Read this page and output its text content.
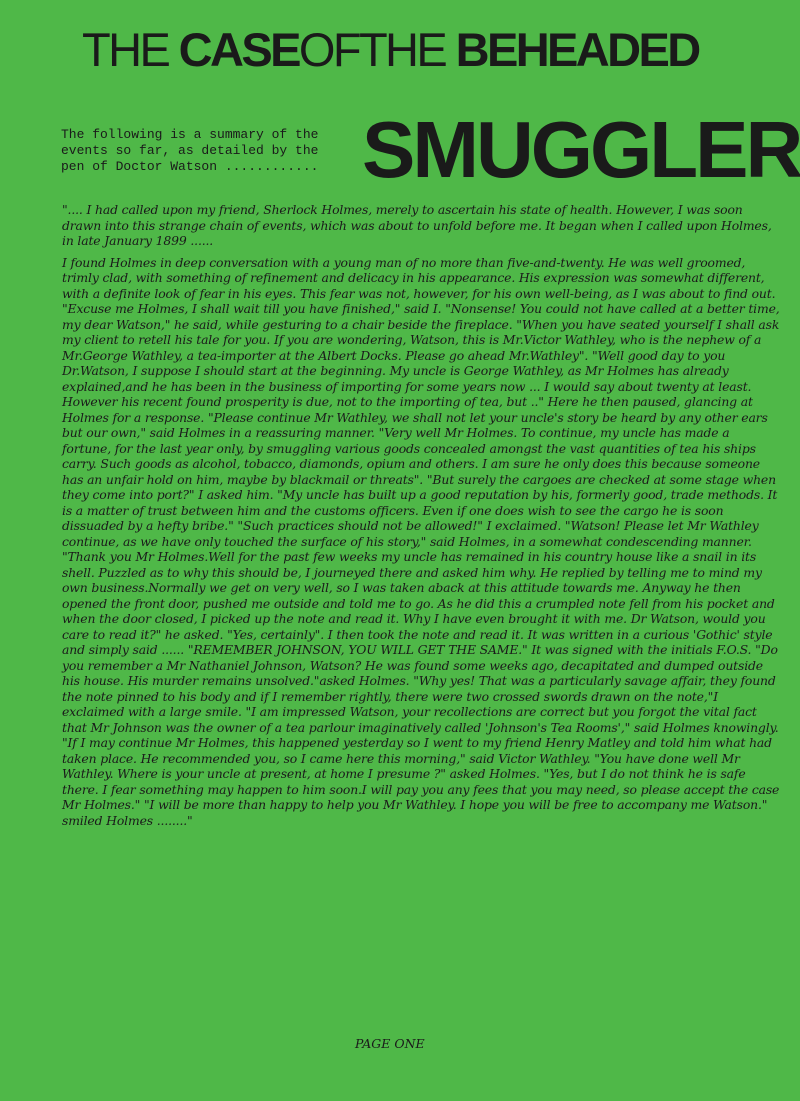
THE CASEOFTHE BEHEADED
The following is a summary of the events so far, as detailed by the pen of Doctor Watson ............ SMUGGLER

".... I had called upon my friend, Sherlock Holmes, merely to ascertain his state of health. However, I was soon drawn into this strange chain of events, which was about to unfold before me. It began when I called upon Holmes, in late January 1899 ......

I found Holmes in deep conversation with a young man of no more than five-and-twenty. He was well groomed, trimly clad, with something of refinement and delicacy in his appearance. His expression was somewhat different, with a definite look of fear in his eyes. This fear was not, however, for his own well-being, as I was about to find out. "Excuse me Holmes, I shall wait till you have finished," said I. "Nonsense! You could not have called at a better time, my dear Watson," he said, while gesturing to a chair beside the fireplace. "When you have seated yourself I shall ask my client to retell his tale for you. If you are wondering, Watson, this is Mr.Victor Wathley, who is the nephew of a Mr.George Wathley, a tea-importer at the Albert Docks. Please go ahead Mr.Wathley". "Well good day to you Dr.Watson, I suppose I should start at the beginning. My uncle is George Wathley, as Mr Holmes has already explained,and he has been in the business of importing for some years now ... I would say about twenty at least. However his recent found prosperity is due, not to the importing of tea, but .." Here he then paused, glancing at Holmes for a response. "Please continue Mr Wathley, we shall not let your uncle's story be heard by any other ears but our own," said Holmes in a reassuring manner. "Very well Mr Holmes. To continue, my uncle has made a fortune, for the last year only, by smuggling various goods concealed amongst the vast quantities of tea his ships carry. Such goods as alcohol, tobacco, diamonds, opium and others. I am sure he only does this because someone has an unfair hold on him, maybe by blackmail or threats". "But surely the cargoes are checked at some stage when they come into port?" I asked him. "My uncle has built up a good reputation by his, formerly good, trade methods. It is a matter of trust between him and the customs officers. Even if one does wish to see the cargo he is soon dissuaded by a hefty bribe." "Such practices should not be allowed!" I exclaimed. "Watson! Please let Mr Wathley continue, as we have only touched the surface of his story," said Holmes, in a somewhat condescending manner. "Thank you Mr Holmes.Well for the past few weeks my uncle has remained in his country house like a snail in its shell. Puzzled as to why this should be, I journeyed there and asked him why. He replied by telling me to mind my own business.Normally we get on very well, so I was taken aback at this attitude towards me. Anyway he then opened the front door, pushed me outside and told me to go. As he did this a crumpled note fell from his pocket and when the door closed, I picked up the note and read it. Why I have even brought it with me. Dr Watson, would you care to read it?" he asked. "Yes, certainly". I then took the note and read it. It was written in a curious 'Gothic' style and simply said ...... "REMEMBER JOHNSON, YOU WILL GET THE SAME." It was signed with the initials F.O.S. "Do you remember a Mr Nathaniel Johnson, Watson? He was found some weeks ago, decapitated and dumped outside his house. His murder remains unsolved."asked Holmes. "Why yes! That was a particularly savage affair, they found the note pinned to his body and if I remember rightly, there were two crossed swords drawn on the note,"I exclaimed with a large smile. "I am impressed Watson, your recollections are correct but you forgot the vital fact that Mr Johnson was the owner of a tea parlour imaginatively called 'Johnson's Tea Rooms'," said Holmes knowingly. "If I may continue Mr Holmes, this happened yesterday so I went to my friend Henry Matley and told him what had taken place. He recommended you, so I came here this morning," said Victor Wathley. "You have done well Mr Wathley. Where is your uncle at present, at home I presume ?" asked Holmes. "Yes, but I do not think he is safe there. I fear something may happen to him soon.I will pay you any fees that you may need, so please accept the case Mr Holmes." "I will be more than happy to help you Mr Wathley. I hope you will be free to accompany me Watson." smiled Holmes ........"

PAGE ONE
